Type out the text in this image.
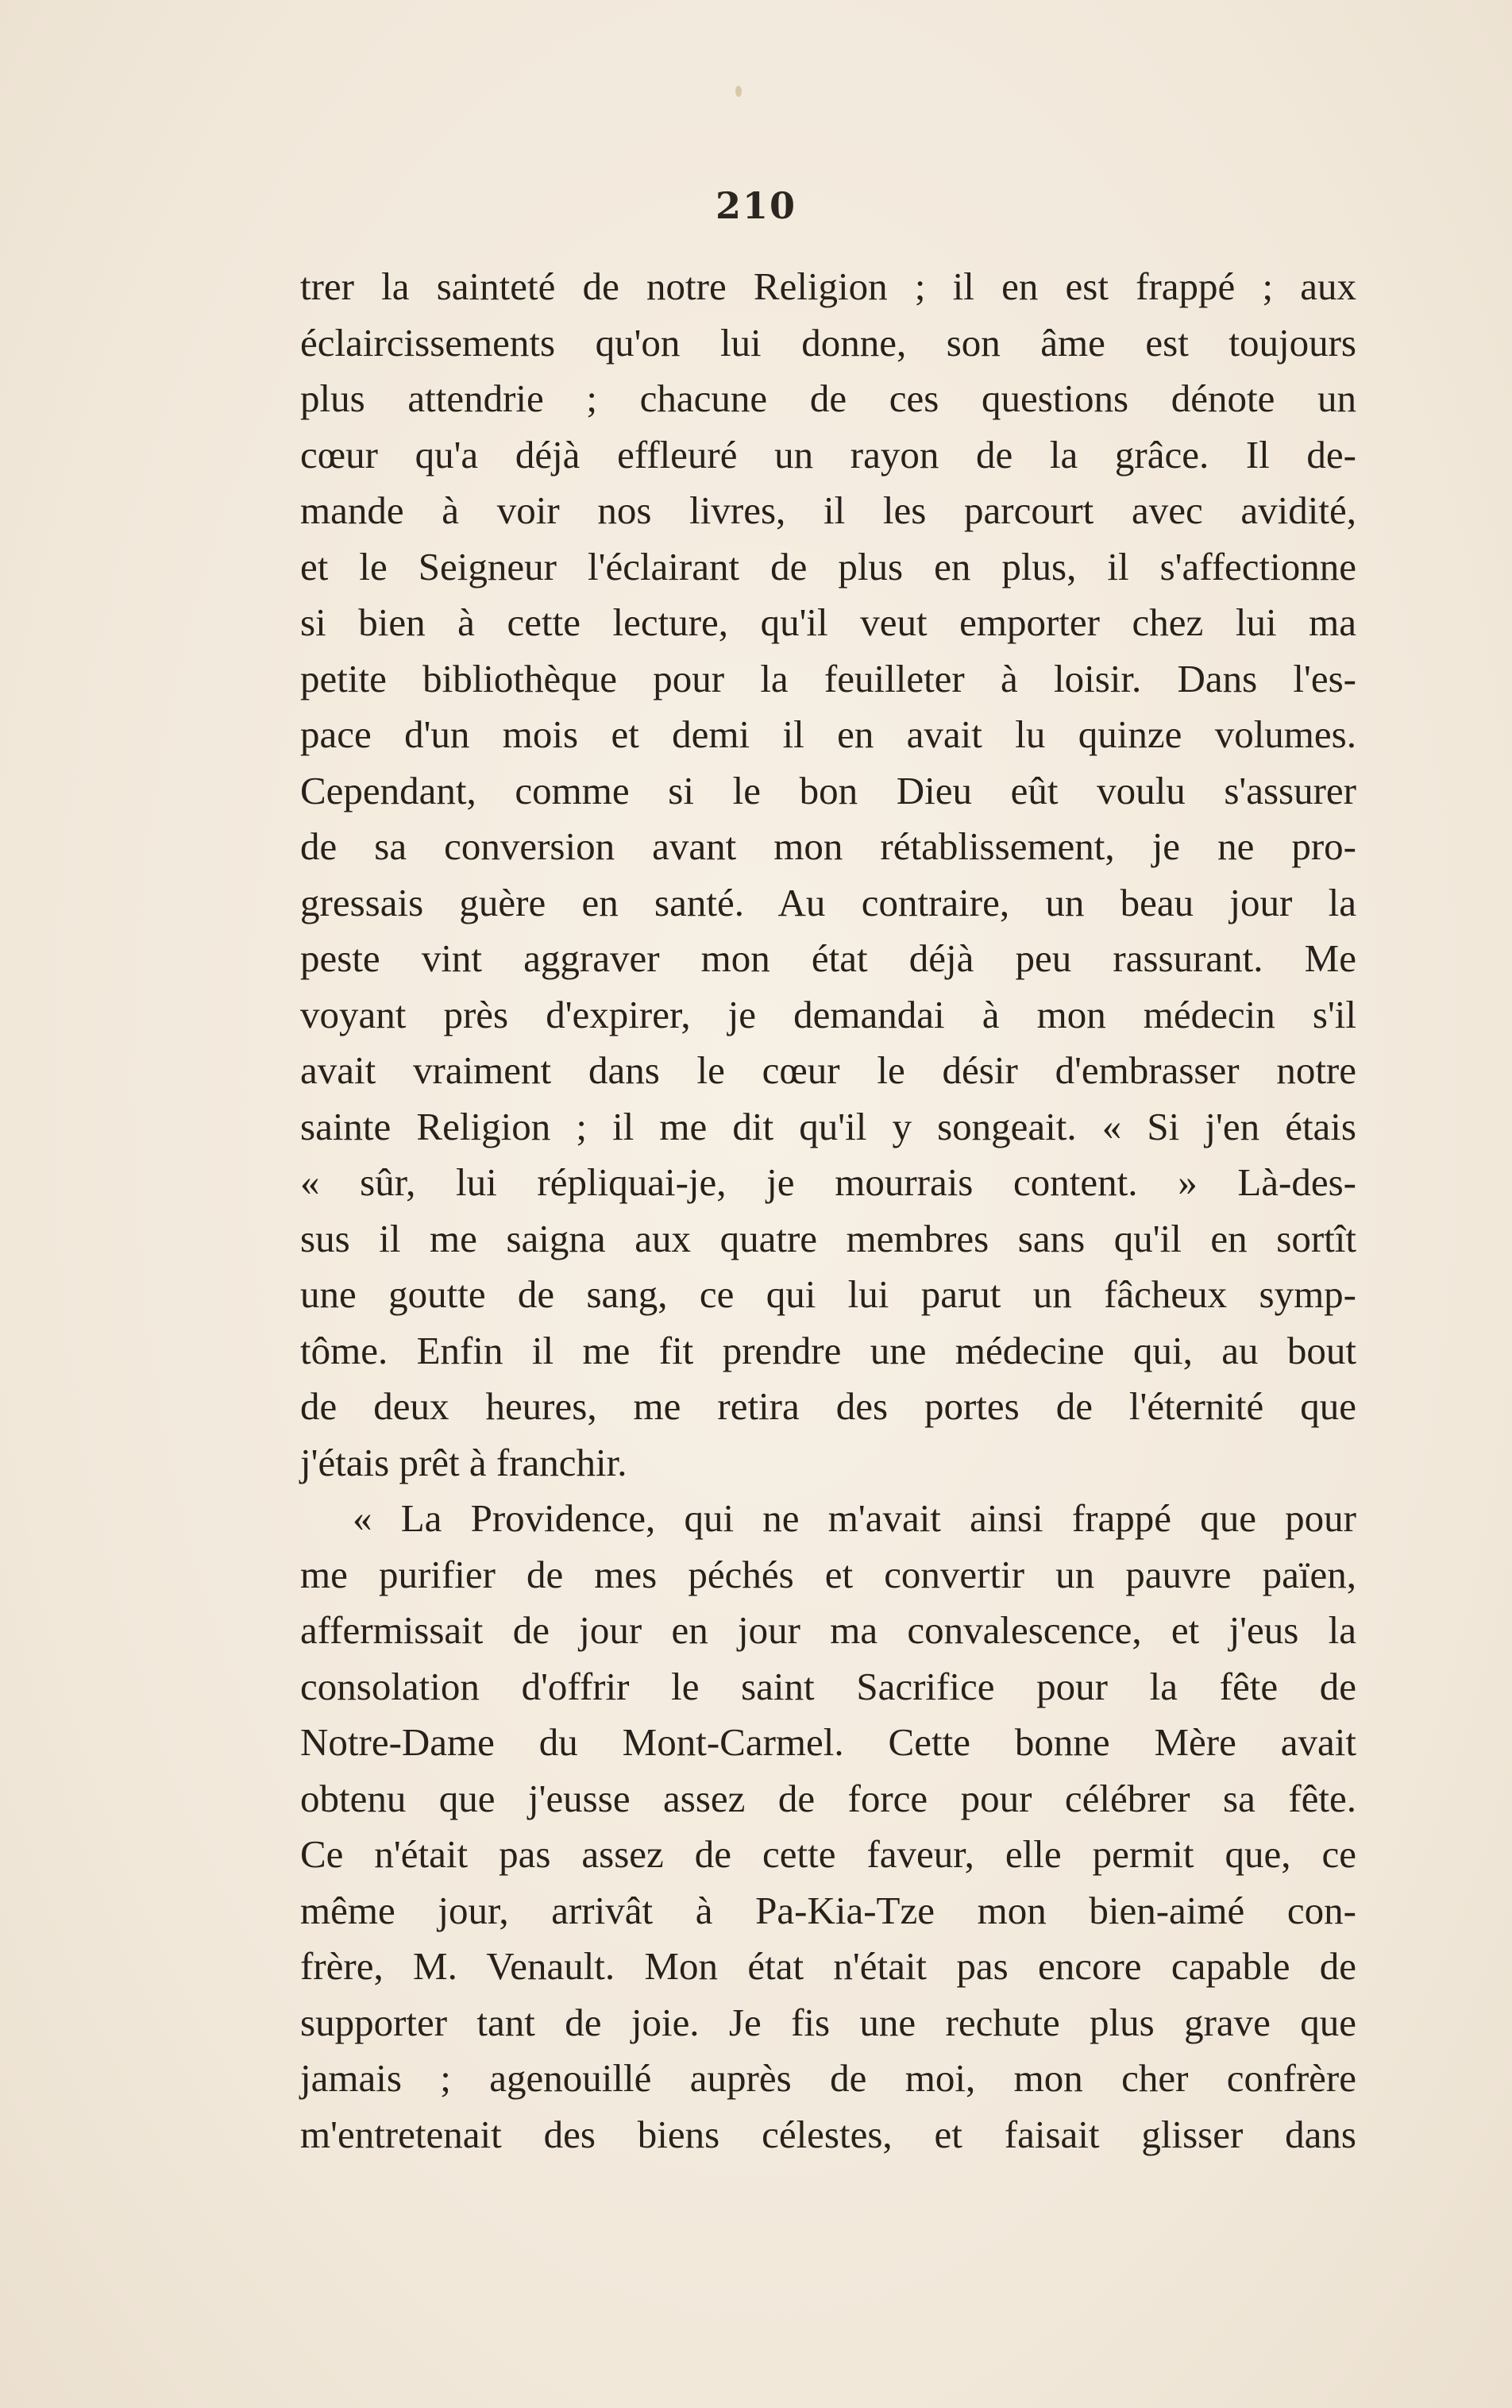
210
trer la sainteté de notre Religion ; il en est frappé ; aux
éclaircissements qu'on lui donne, son âme est toujours
plus attendrie ; chacune de ces questions dénote un
cœur qu'a déjà effleuré un rayon de la grâce. Il de-
mande à voir nos livres, il les parcourt avec avidité,
et le Seigneur l'éclairant de plus en plus, il s'affectionne
si bien à cette lecture, qu'il veut emporter chez lui ma
petite bibliothèque pour la feuilleter à loisir. Dans l'es-
pace d'un mois et demi il en avait lu quinze volumes.
Cependant, comme si le bon Dieu eût voulu s'assurer
de sa conversion avant mon rétablissement, je ne pro-
gressais guère en santé. Au contraire, un beau jour la
peste vint aggraver mon état déjà peu rassurant. Me
voyant près d'expirer, je demandai à mon médecin s'il
avait vraiment dans le cœur le désir d'embrasser notre
sainte Religion ; il me dit qu'il y songeait. « Si j'en étais
« sûr, lui répliquai-je, je mourrais content. » Là-des-
sus il me saigna aux quatre membres sans qu'il en sortît
une goutte de sang, ce qui lui parut un fâcheux symp-
tôme. Enfin il me fit prendre une médecine qui, au bout
de deux heures, me retira des portes de l'éternité que
j'étais prêt à franchir.
« La Providence, qui ne m'avait ainsi frappé que pour
me purifier de mes péchés et convertir un pauvre païen,
affermissait de jour en jour ma convalescence, et j'eus la
consolation d'offrir le saint Sacrifice pour la fête de
Notre-Dame du Mont-Carmel. Cette bonne Mère avait
obtenu que j'eusse assez de force pour célébrer sa fête.
Ce n'était pas assez de cette faveur, elle permit que, ce
même jour, arrivât à Pa-Kia-Tze mon bien-aimé con-
frère, M. Venault. Mon état n'était pas encore capable de
supporter tant de joie. Je fis une rechute plus grave que
jamais ; agenouillé auprès de moi, mon cher confrère
m'entretenait des biens célestes, et faisait glisser dans
